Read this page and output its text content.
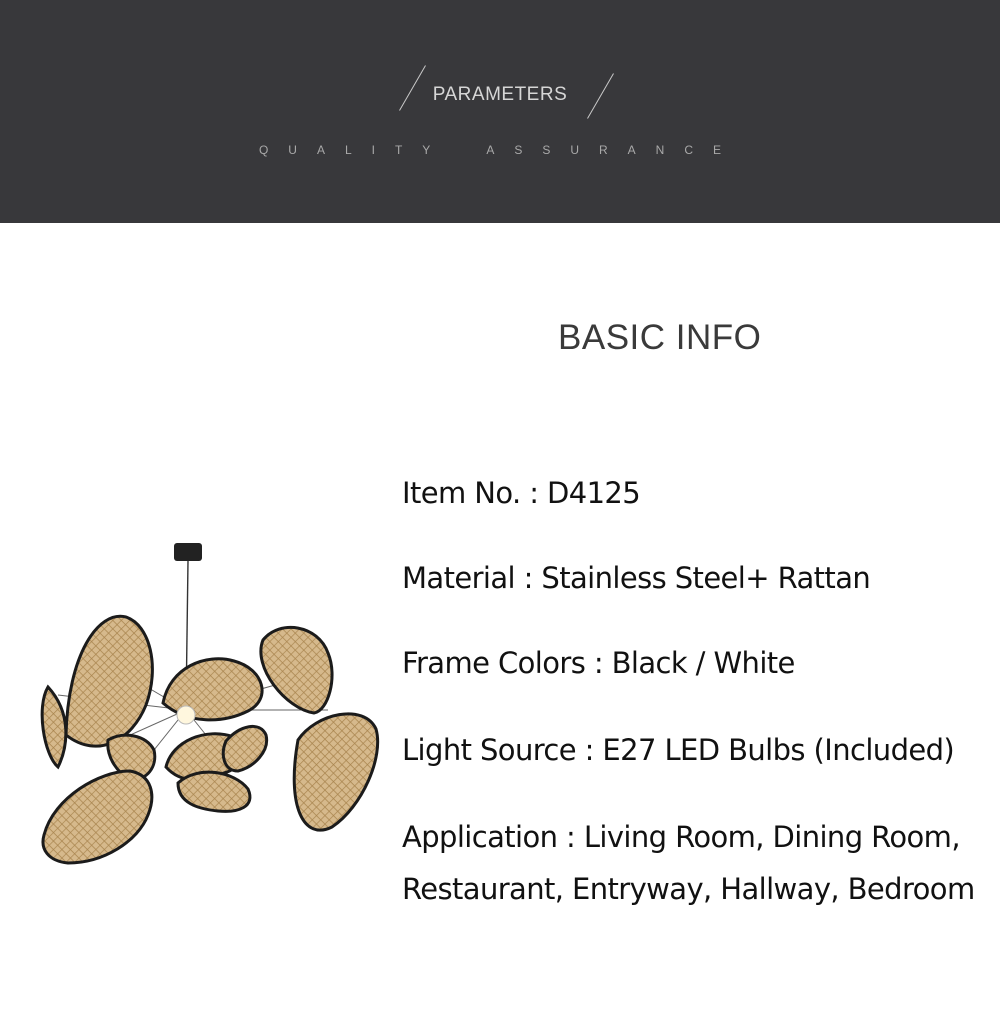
PARAMETERS
QUALITY	ASSURANCE
BASIC INFO

Item No. : D4125

Material : Stainless Steel+ Rattan

Frame Colors : Black / White

Light Source : E27 LED Bulbs (Included)

Application : Living Room, Dining Room,

Restaurant, Entryway, Hallway, Bedroom
